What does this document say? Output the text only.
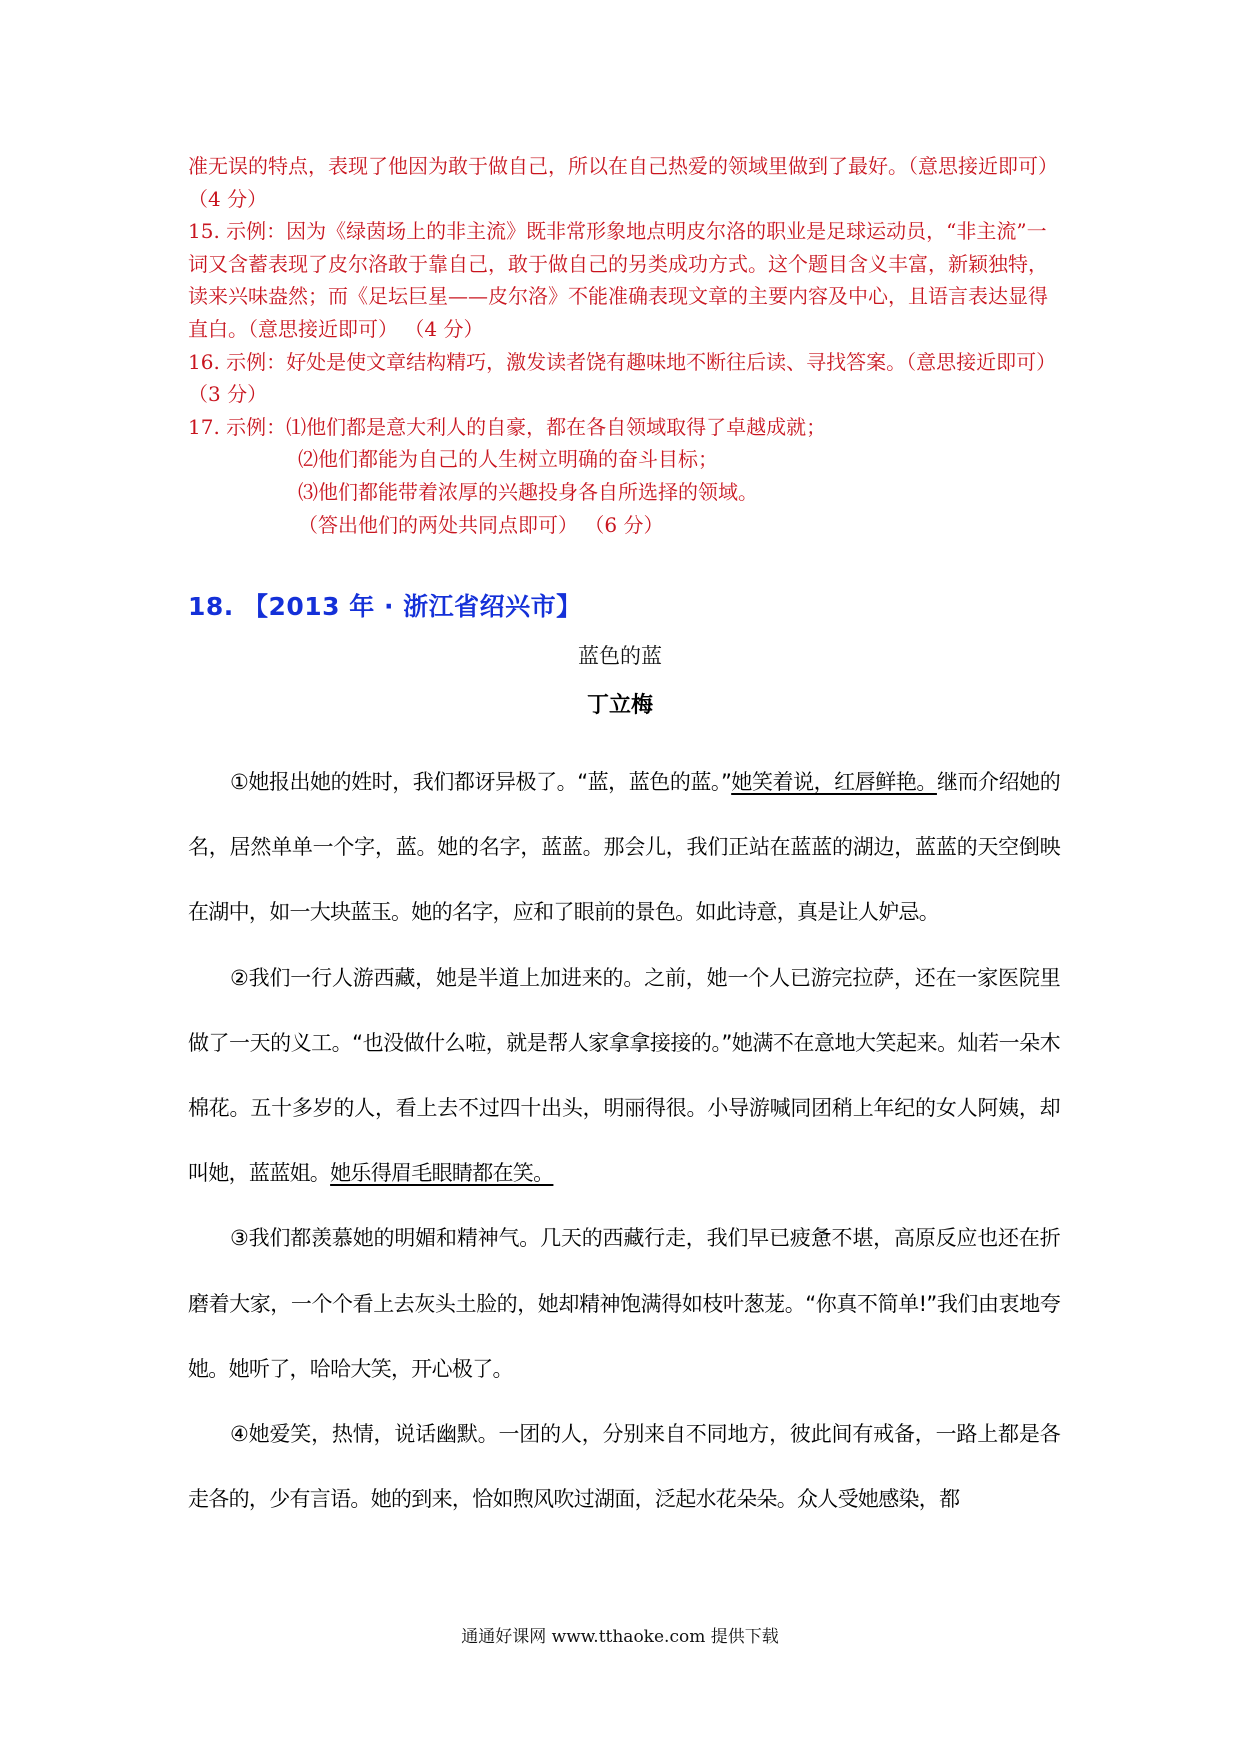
准无误的特点，表现了他因为敢于做自己，所以在自己热爱的领域里做到了最好。（意思接近即可） （4 分）

15. 示例：因为《绿茵场上的非主流》既非常形象地点明皮尔洛的职业是足球运动员，“非主流”一词又含蓄表现了皮尔洛敢于靠自己，敢于做自己的另类成功方式。这个题目含义丰富，新颖独特，读来兴味盎然；而《足坛巨星——皮尔洛》不能准确表现文章的主要内容及中心，且语言表达显得直白。（意思接近即可） （4 分）

16. 示例：好处是使文章结构精巧，激发读者饶有趣味地不断往后读、寻找答案。（意思接近即可） （3 分）

17. 示例：⑴他们都是意大利人的自豪，都在各自领域取得了卓越成就；

⑵他们都能为自己的人生树立明确的奋斗目标；

⑶他们都能带着浓厚的兴趣投身各自所选择的领域。

（答出他们的两处共同点即可） （6 分）

18. 【2013 年 · 浙江省绍兴市】
蓝色的蓝
丁立梅

①她报出她的姓时，我们都讶异极了。“蓝，蓝色的蓝。”她笑着说，红唇鲜艳。继而介绍她的名，居然单单一个字，蓝。她的名字，蓝蓝。那会儿，我们正站在蓝蓝的湖边，蓝蓝的天空倒映在湖中，如一大块蓝玉。她的名字，应和了眼前的景色。如此诗意，真是让人妒忌。

②我们一行人游西藏，她是半道上加进来的。之前，她一个人已游完拉萨，还在一家医院里做了一天的义工。“也没做什么啦，就是帮人家拿拿接接的。”她满不在意地大笑起来。灿若一朵木棉花。五十多岁的人，看上去不过四十出头，明丽得很。小导游喊同团稍上年纪的女人阿姨，却叫她，蓝蓝姐。她乐得眉毛眼睛都在笑。

③我们都羡慕她的明媚和精神气。几天的西藏行走，我们早已疲惫不堪，高原反应也还在折磨着大家，一个个看上去灰头土脸的，她却精神饱满得如枝叶葱茏。“你真不简单!”我们由衷地夸她。她听了，哈哈大笑，开心极了。

④她爱笑，热情，说话幽默。一团的人，分别来自不同地方，彼此间有戒备，一路上都是各走各的，少有言语。她的到来，恰如煦风吹过湖面，泛起水花朵朵。众人受她感染，都

通通好课网 www.tthaoke.com 提供下载
